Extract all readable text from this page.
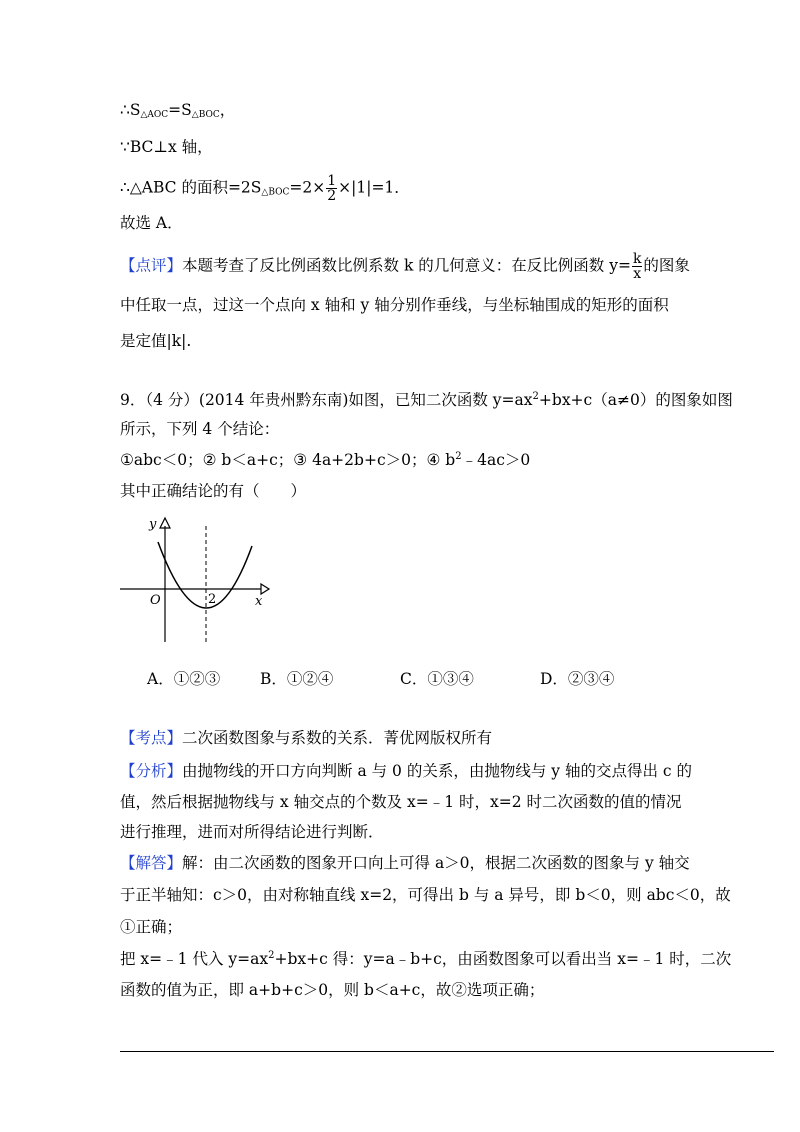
$\therefore S_{\triangle AOC}=S_{\triangle BOC}$，
∵BC⊥x 轴，
∴△ABC 的面积$=2S_{\triangle BOC}=2\times \frac{1}{2} \times|1|=1$．
故选 A．
【点评】本题考查了反比例函数比例系数 k 的几何意义：在反比例函数 $y= \frac{k}{x}$ 的图象
中任取一点，过这一个点向 x 轴和 y 轴分别作垂线，与坐标轴围成的矩形的面积
是定值|k|.
9．（4 分）(2014 年贵州黔东南)如图，已知二次函数 $y=ax^2+bx+c(a\ne 0)$的图象如图
所示，下列 4 个结论：
①abc＜0；② b＜a+c；③ 4a+2b+c＞0；④ $b^2﹣4ac>0$
其中正确结论的有（　　）
y
x
O	2
A．①②③	B．①②④	C．①③④	D．②③④
【考点】二次函数图象与系数的关系．菁优网版权所有
【分析】由抛物线的开口方向判断 a 与 0 的关系，由抛物线与 y 轴的交点得出 c 的
值，然后根据抛物线与 x 轴交点的个数及 x=﹣1 时，x=2 时二次函数的值的情况
进行推理，进而对所得结论进行判断．
【解答】解：由二次函数的图象开口向上可得 a＞0，根据二次函数的图象与 y 轴交
于正半轴知：c＞0，由对称轴直线 x=2，可得出 b 与 a 异号，即 b＜0，则 abc＜0，故
①正确；
把 x=﹣1 代入 $y=ax^2+bx+c$ 得：y=a﹣b+c，由函数图象可以看出当 x=﹣1 时，二次
函数的值为正，即 a+b+c＞0，则 b＜a+c，故②选项正确；
